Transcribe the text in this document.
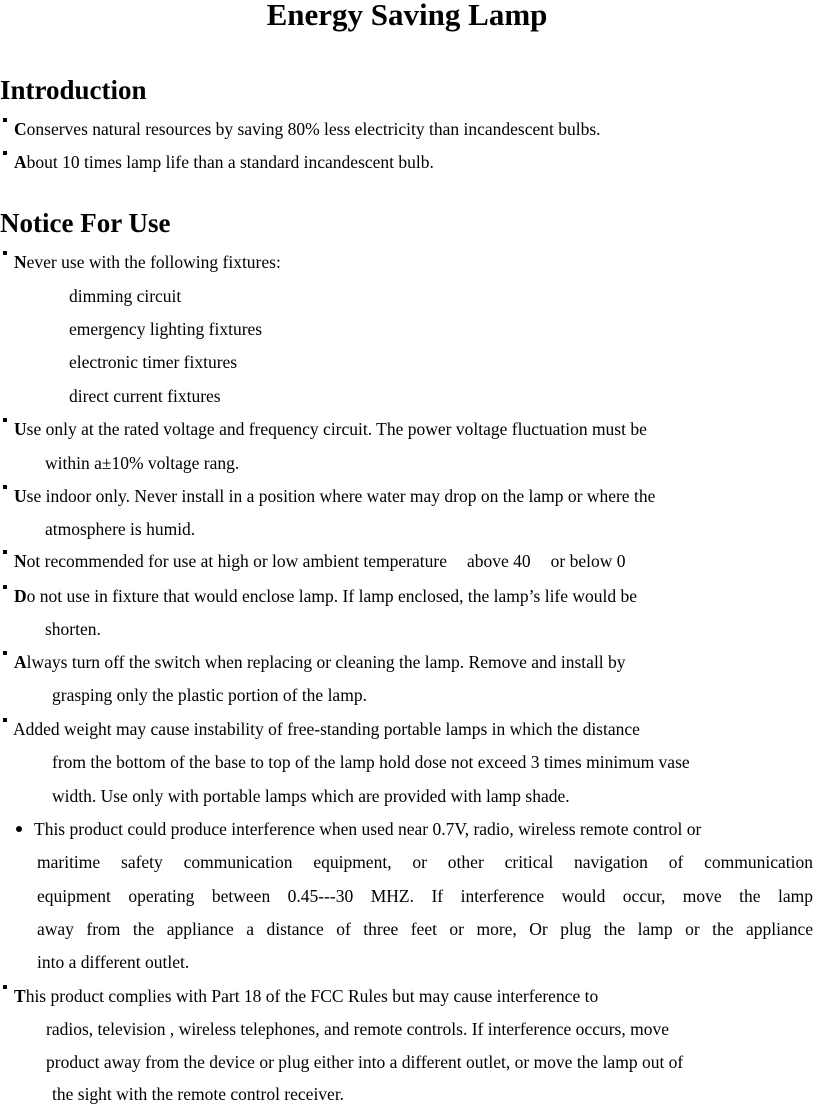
Energy Saving Lamp
Introduction
Conserves natural resources by saving 80% less electricity than incandescent bulbs.
About 10 times lamp life than a standard incandescent bulb.
Notice For Use
Never use with the following fixtures:
dimming circuit
emergency lighting fixtures
electronic timer fixtures
direct current fixtures
Use only at the rated voltage and frequency circuit. The power voltage fluctuation must be
within a±10% voltage rang.
Use indoor only. Never install in a position where water may drop on the lamp or where the
atmosphere is humid.
Not recommended for use at high or low ambient temperature above 40 or below 0
Do not use in fixture that would enclose lamp. If lamp enclosed, the lamp’s life would be
shorten.
Always turn off the switch when replacing or cleaning the lamp. Remove and install by
grasping only the plastic portion of the lamp.
Added weight may cause instability of free-standing portable lamps in which the distance
from the bottom of the base to top of the lamp hold dose not exceed 3 times minimum vase
width. Use only with portable lamps which are provided with lamp shade.
This product could produce interference when used near 0.7V, radio, wireless remote control or
maritime safety communication equipment, or other critical navigation of communication
equipment operating between 0.45---30 MHZ. If interference would occur, move the lamp
away from the appliance a distance of three feet or more, Or plug the lamp or the appliance
into a different outlet.
This product complies with Part 18 of the FCC Rules but may cause interference to
radios, television , wireless telephones, and remote controls. If interference occurs, move
product away from the device or plug either into a different outlet, or move the lamp out of
the sight with the remote control receiver.
